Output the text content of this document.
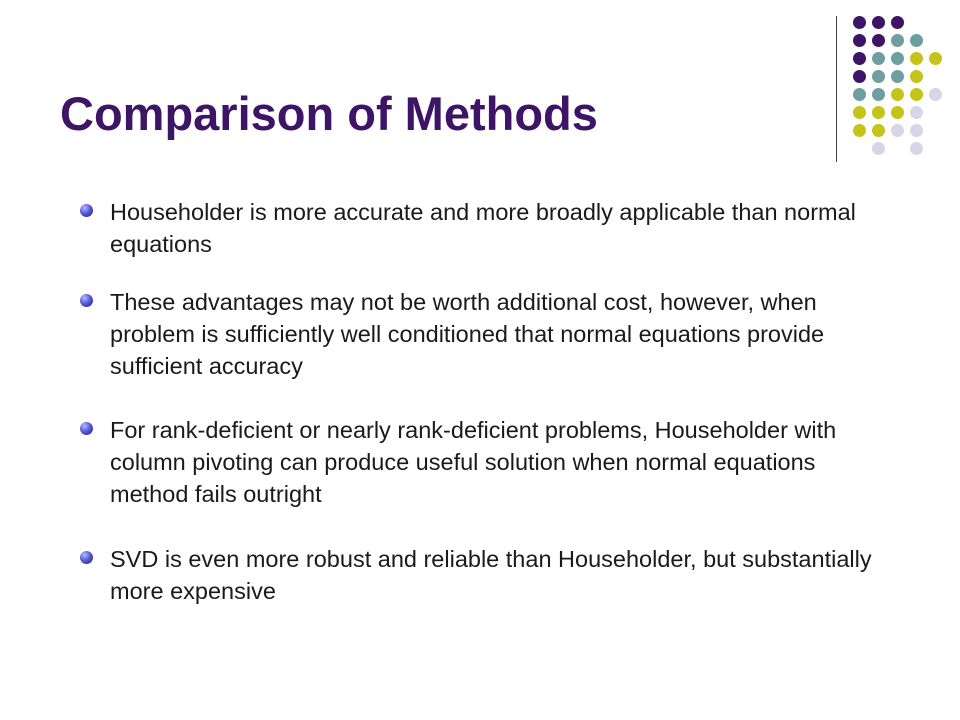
Comparison of Methods

Householder is more accurate and more broadly applicable than normal equations

These advantages may not be worth additional cost, however, when problem is sufficiently well conditioned that normal equations provide sufficient accuracy

For rank-deficient or nearly rank-deficient problems, Householder with column pivoting can produce useful solution when normal equations method fails outright

SVD is even more robust and reliable than Householder, but substantially more expensive
